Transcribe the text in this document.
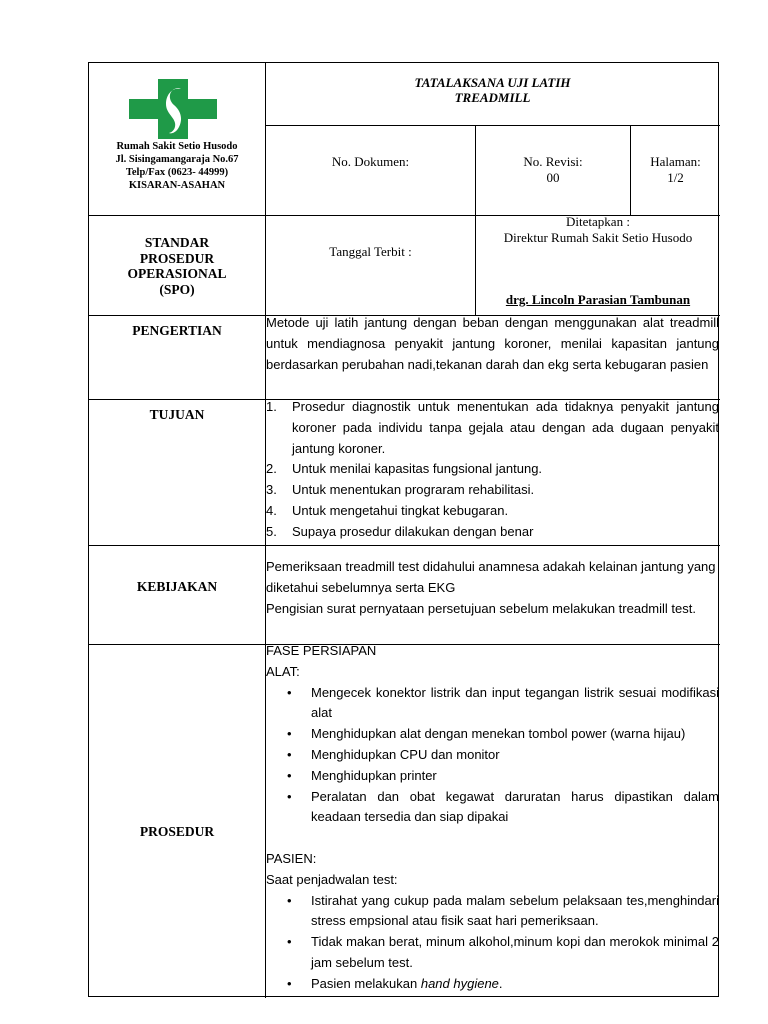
Rumah Sakit Setio Husodo
Jl. Sisingamangaraja No.67
Telp/Fax (0623- 44999)
KISARAN-ASAHAN
TATALAKSANA UJI LATIH
TREADMILL
No. Dokumen:	No. Revisi:
00
Halaman:
1/2
STANDAR
PROSEDUR
OPERASIONAL
(SPO)
Tanggal Terbit :
Ditetapkan :
Direktur Rumah Sakit Setio Husodo
drg. Lincoln Parasian Tambunan
PENGERTIAN
Metode uji latih jantung dengan beban dengan menggunakan alat treadmill untuk mendiagnosa penyakit jantung koroner, menilai kapasitan jantung berdasarkan perubahan nadi,tekanan darah dan ekg serta kebugaran pasien
TUJUAN
1. Prosedur diagnostik untuk menentukan ada tidaknya penyakit jantung koroner pada individu tanpa gejala atau dengan ada dugaan penyakit jantung koroner.
2. Untuk menilai kapasitas fungsional jantung.
3. Untuk menentukan prograram rehabilitasi.
4. Untuk mengetahui tingkat kebugaran.
5. Supaya prosedur dilakukan dengan benar
KEBIJAKAN

Pemeriksaan treadmill test didahului anamnesa adakah kelainan jantung yang diketahui sebelumnya serta EKG

Pengisian surat pernyataan persetujuan sebelum melakukan treadmill test.

PROSEDUR

FASE PERSIAPAN

ALAT:

• Mengecek konektor listrik dan input tegangan listrik sesuai modifikasi alat
• Menghidupkan alat dengan menekan tombol power (warna hijau)
• Menghidupkan CPU dan monitor
• Menghidupkan printer
• Peralatan dan obat kegawat daruratan harus dipastikan dalam keadaan tersedia dan siap dipakai

PASIEN:

Saat penjadwalan test:

• Istirahat yang cukup pada malam sebelum pelaksaan tes,menghindari stress empsional atau fisik saat hari pemeriksaan.
• Tidak makan berat, minum alkohol,minum kopi dan merokok minimal 2 jam sebelum test.
• Pasien melakukan hand hygiene.
